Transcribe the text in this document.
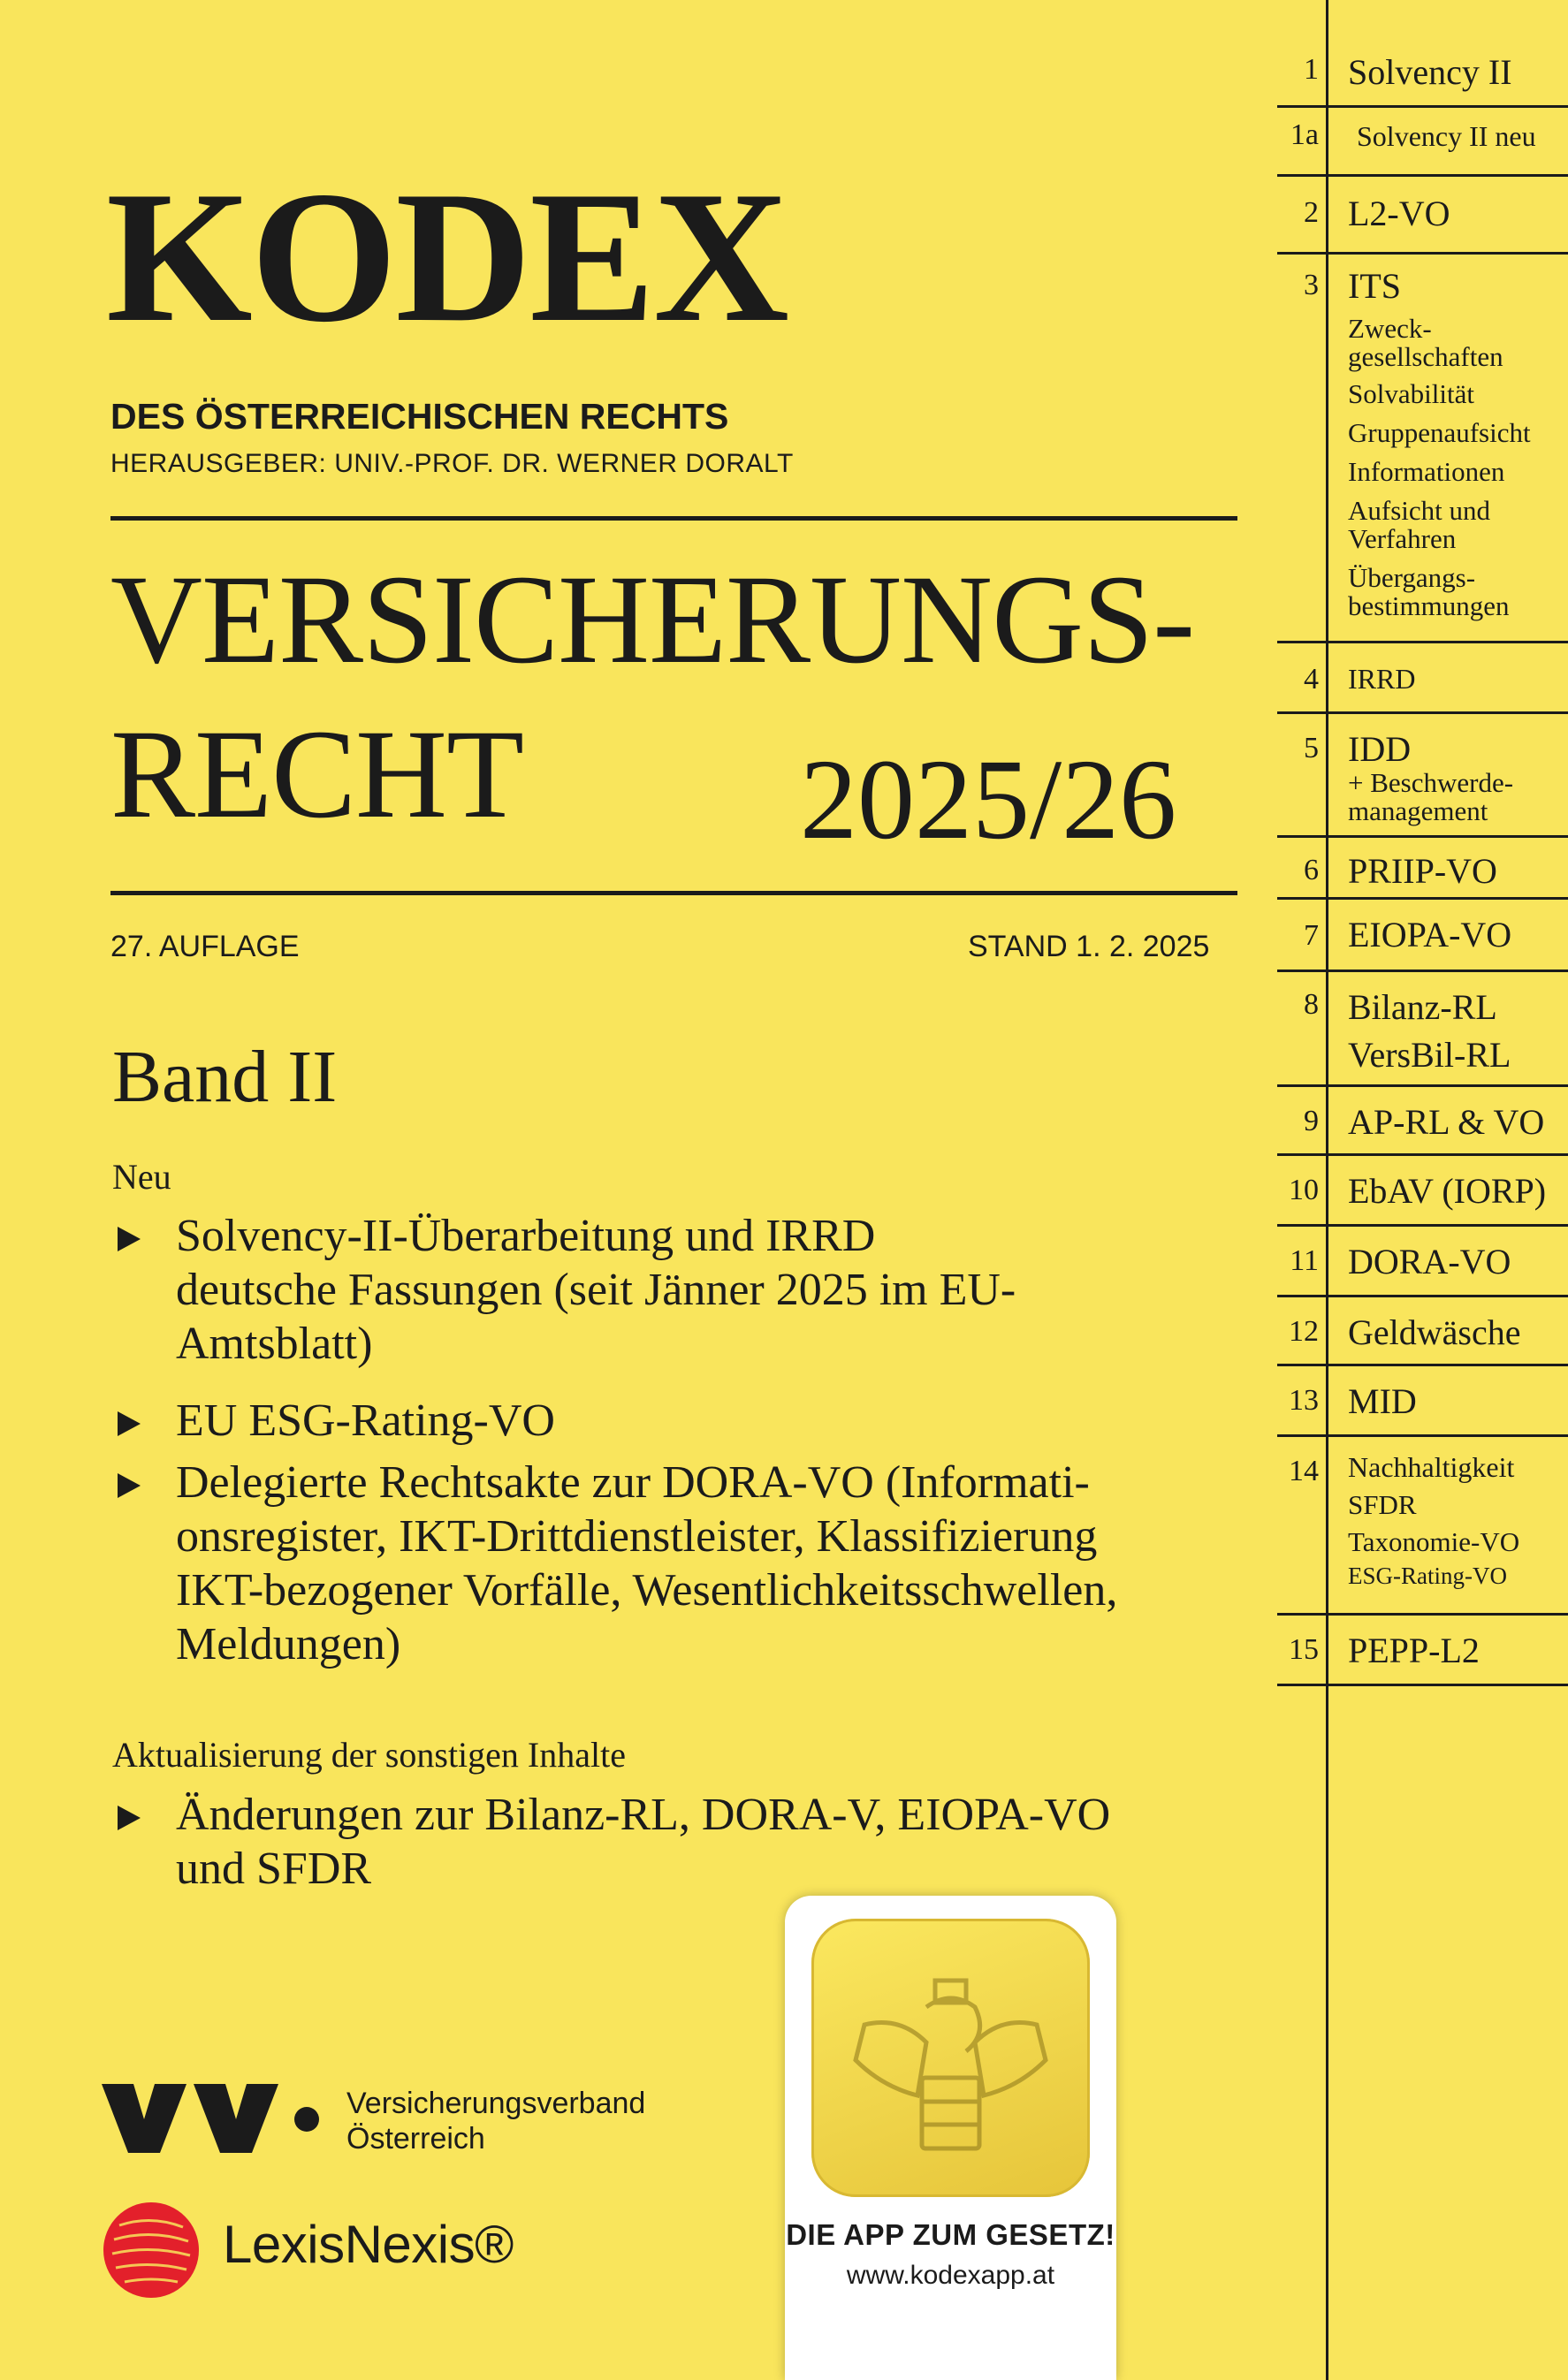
KODEX
DES ÖSTERREICHISCHEN RECHTS
HERAUSGEBER: UNIV.-PROF. DR. WERNER DORALT
VERSICHERUNGS-
RECHT 2025/26
27. AUFLAGE	STAND 1. 2. 2025
Band II
Neu
Solvency-II-Überarbeitung und IRRD
deutsche Fassungen (seit Jänner 2025 im EU-
Amtsblatt)
EU ESG-Rating-VO
Delegierte Rechtsakte zur DORA-VO (Informati-
onsregister, IKT-Drittdienstleister, Klassifizierung
IKT-bezogener Vorfälle, Wesentlichkeitsschwellen,
Meldungen)
Aktualisierung der sonstigen Inhalte
Änderungen zur Bilanz-RL, DORA-V, EIOPA-VO
und SFDR
1 Solvency II
1a Solvency II neu
2 L2-VO
3 ITS
Zweck-
gesellschaften
Solvabilität
Gruppenaufsicht
Informationen
Aufsicht und
Verfahren
Übergangs-
bestimmungen
4 IRRD
5 IDD
+ Beschwerde-
management
6 PRIIP-VO
7 EIOPA-VO
8 Bilanz-RL
VersBil-RL
9 AP-RL & VO
10 EbAV (IORP)
11 DORA-VO
12 Geldwäsche
13 MID
14 Nachhaltigkeit
SFDR
Taxonomie-VO
ESG-Rating-VO
15 PEPP-L2
Versicherungsverband
Österreich
LexisNexis®	DIE APP ZUM GESETZ!
www.kodexapp.at
